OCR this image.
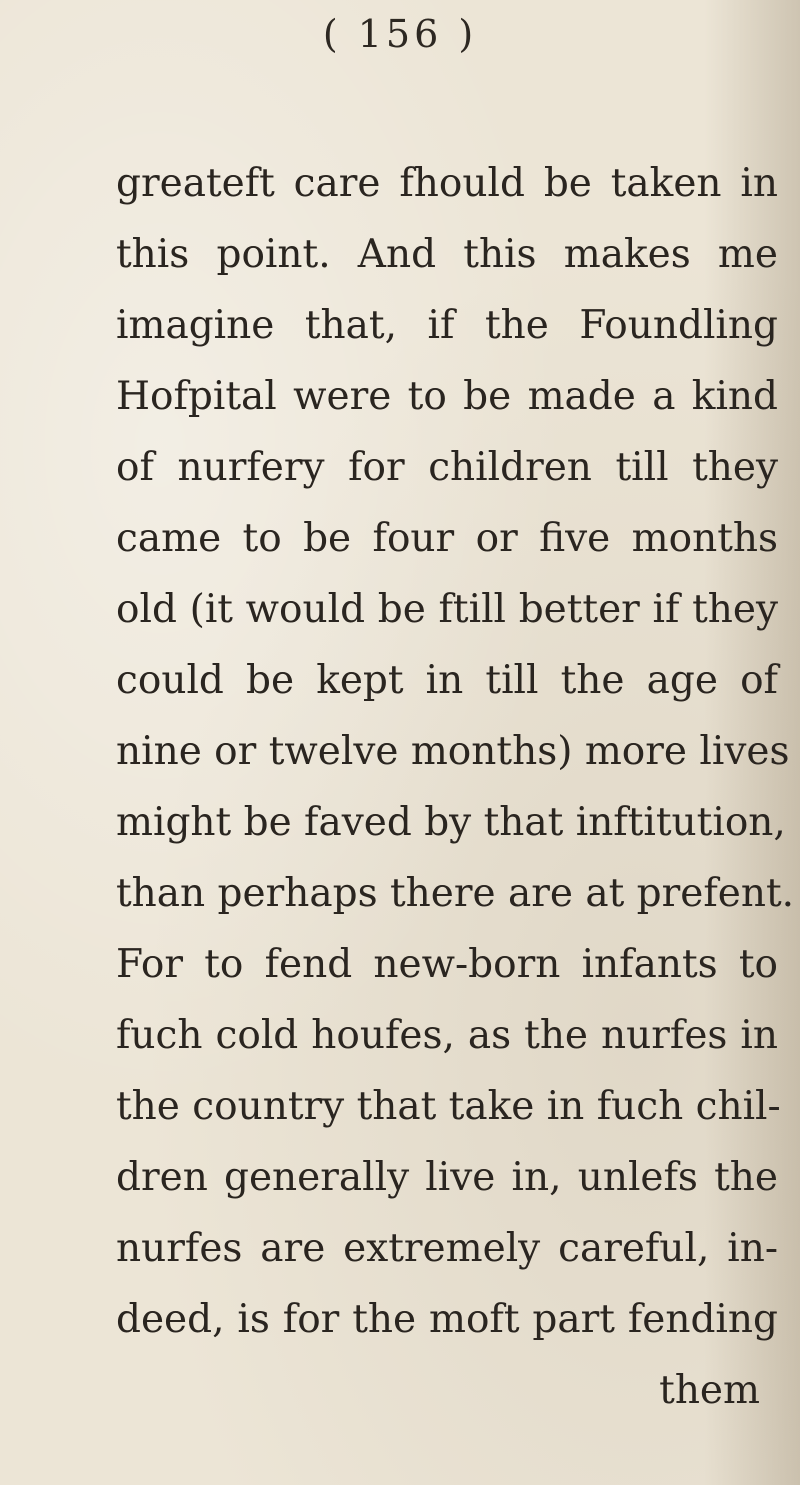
( 156 )
greateft care fhould be taken in
this point. And this makes me
imagine that, if the Foundling
Hofpital were to be made a kind
of nurfery for children till they
came to be four or five months
old (it would be ftill better if they
could be kept in till the age of
nine or twelve months) more lives
might be faved by that inftitution,
than perhaps there are at prefent.
For to fend new-born infants to
fuch cold houfes, as the nurfes in
the country that take in fuch chil-
dren generally live in, unlefs the
nurfes are extremely careful, in-
deed, is for the moft part fending
them
